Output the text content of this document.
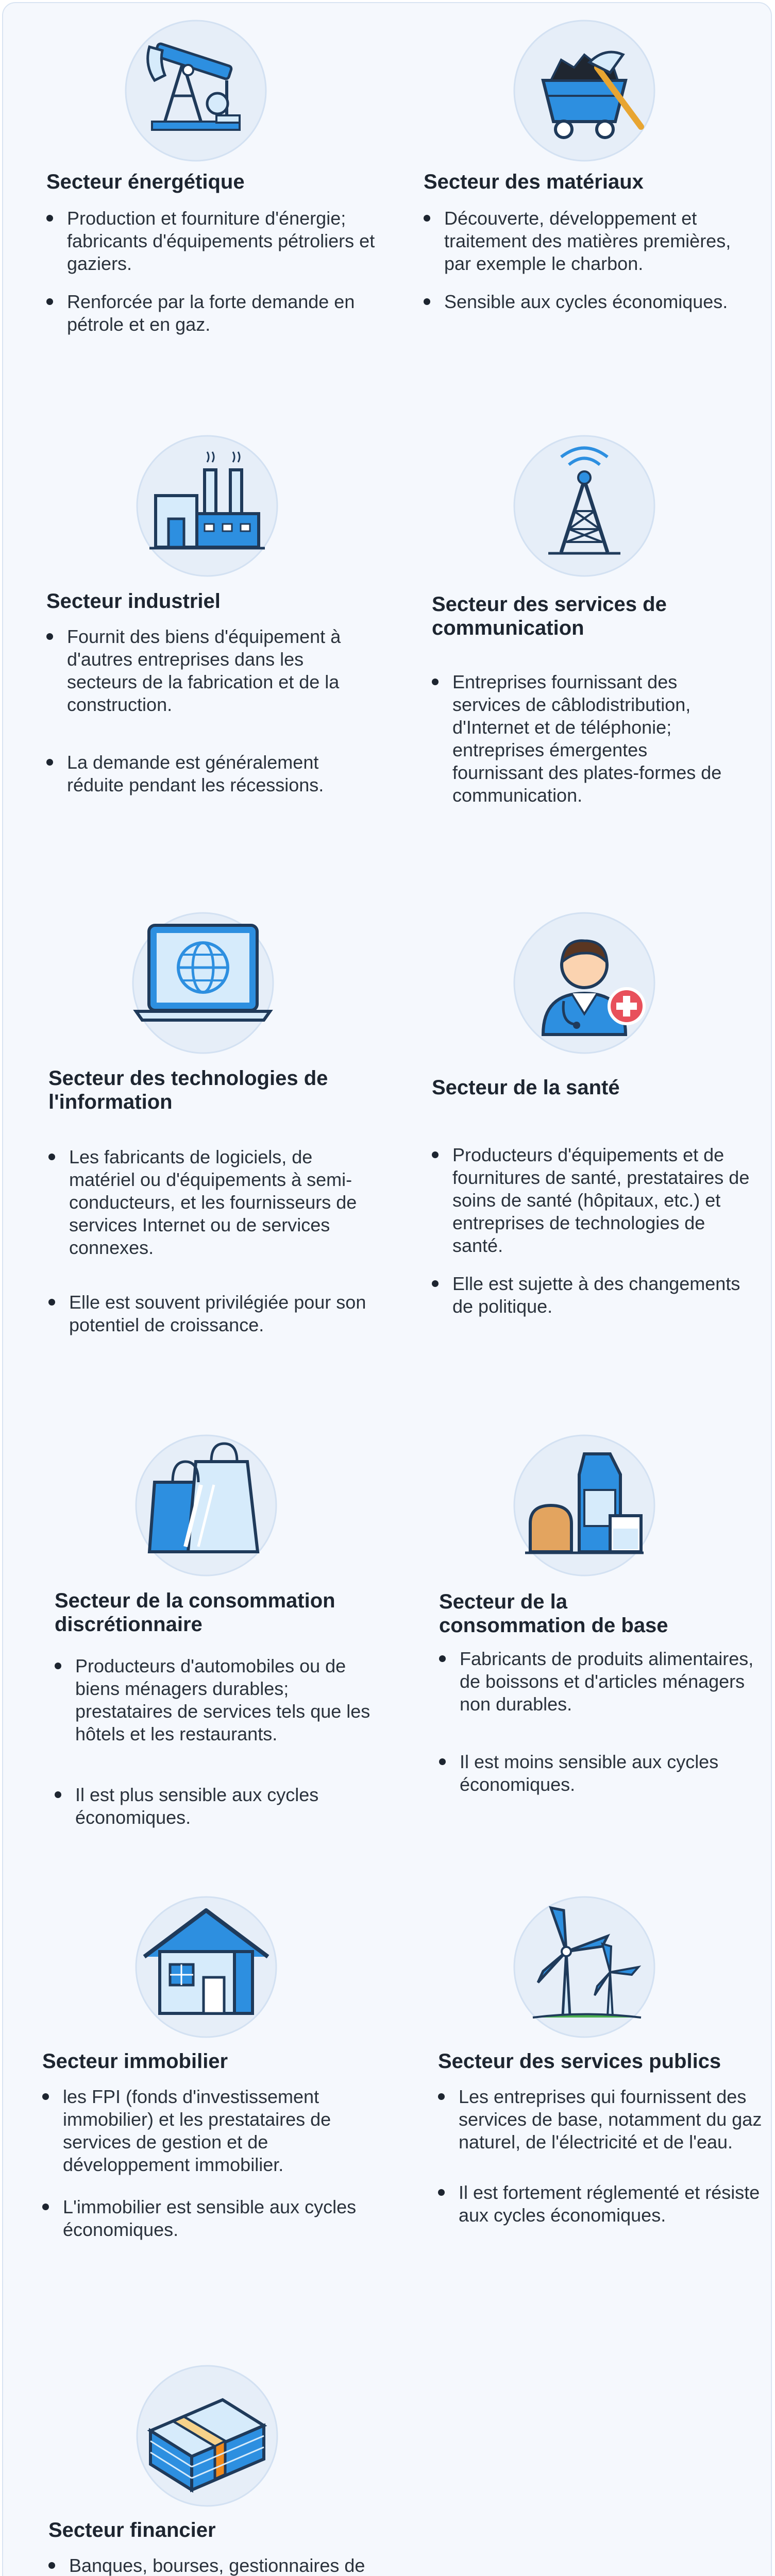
Secteur énergétique
Production et fourniture d'énergie; fabricants d'équipements pétroliers et gaziers.
Renforcée par la forte demande en pétrole et en gaz.
Secteur des matériaux
Découverte, développement et traitement des matières premières, par exemple le charbon.
Sensible aux cycles économiques.
Secteur industriel
Fournit des biens d'équipement à d'autres entreprises dans les secteurs de la fabrication et de la construction.
La demande est généralement réduite pendant les récessions.
Secteur des services de communication
Entreprises fournissant des services de câblodistribution, d'Internet et de téléphonie; entreprises émergentes fournissant des plates-formes de communication.
Secteur des technologies de l'information
Les fabricants de logiciels, de matériel ou d'équipements à semi-conducteurs, et les fournisseurs de services Internet ou de services connexes.
Elle est souvent privilégiée pour son potentiel de croissance.
Secteur de la santé
Producteurs d'équipements et de fournitures de santé, prestataires de soins de santé (hôpitaux, etc.) et entreprises de technologies de santé.
Elle est sujette à des changements de politique.
Secteur de la consommation discrétionnaire
Producteurs d'automobiles ou de biens ménagers durables; prestataires de services tels que les hôtels et les restaurants.
Il est plus sensible aux cycles économiques.
Secteur de la consommation de base
Fabricants de produits alimentaires, de boissons et d'articles ménagers non durables.
Il est moins sensible aux cycles économiques.
Secteur immobilier
les FPI (fonds d'investissement immobilier) et les prestataires de services de gestion et de développement immobilier.
L'immobilier est sensible aux cycles économiques.
Secteur des services publics
Les entreprises qui fournissent des services de base, notamment du gaz naturel, de l'électricité et de l'eau.
Il est fortement réglementé et résiste aux cycles économiques.
Secteur financier
Banques, bourses, gestionnaires de
